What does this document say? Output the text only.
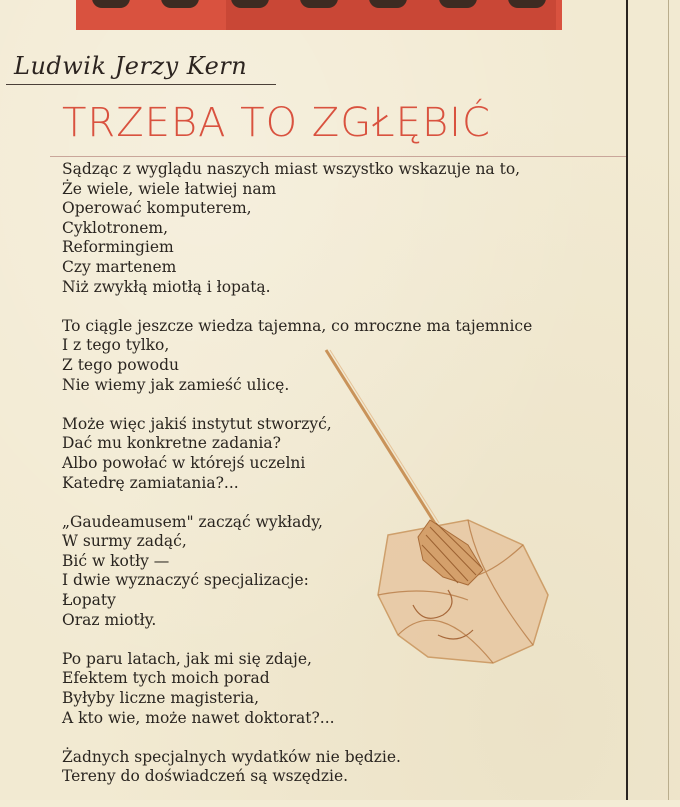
Ludwik Jerzy Kern
TRZEBA TO ZGŁĘBIĆ
Sądząc z wyglądu naszych miast wszystko wskazuje na to,
Że wiele, wiele łatwiej nam
Operować komputerem,
Cyklotronem,
Reformingiem
Czy martenem
Niż zwykłą miotłą i łopatą.
To ciągle jeszcze wiedza tajemna, co mroczne ma tajemnice
I z tego tylko,
Z tego powodu
Nie wiemy jak zamieść ulicę.
Może więc jakiś instytut stworzyć,
Dać mu konkretne zadania?
Albo powołać w którejś uczelni
Katedrę zamiatania?...
„Gaudeamusem" zacząć wykłady,
W surmy zadąć,
Bić w kotły —
I dwie wyznaczyć specjalizacje:
Łopaty
Oraz miotły.
Po paru latach, jak mi się zdaje,
Efektem tych moich porad
Byłyby liczne magisteria,
A kto wie, może nawet doktorat?...
Żadnych specjalnych wydatków nie będzie.
Tereny do doświadczeń są wszędzie.
